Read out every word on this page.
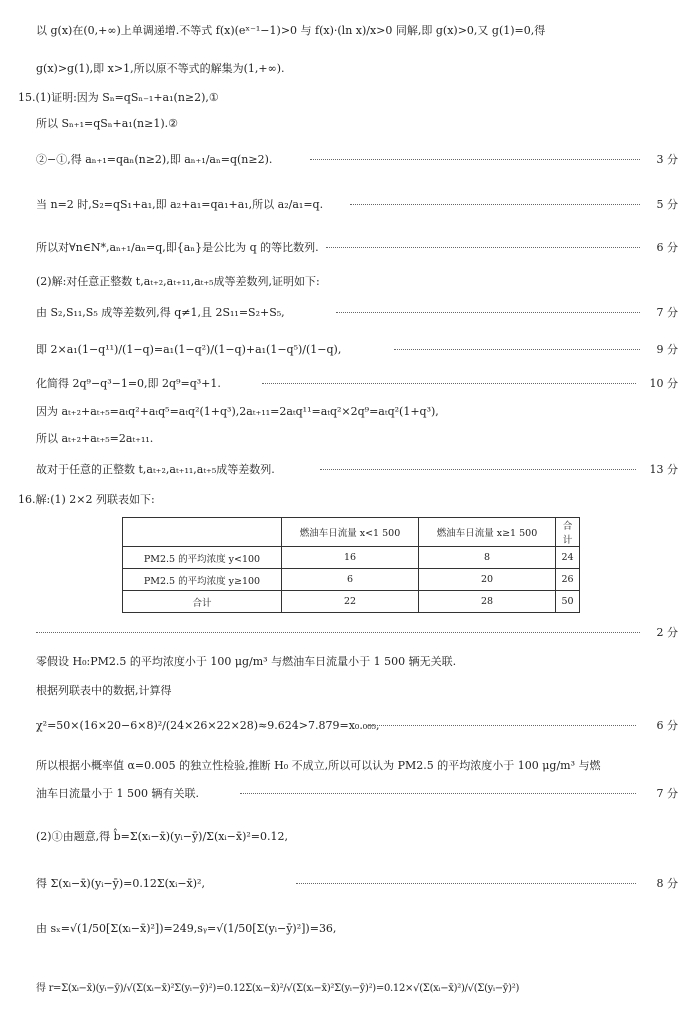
以 g(x)在(0,+∞)上单调递增.不等式 f(x)(eˣ⁻¹−1)>0 与 f(x)·(ln x)/x>0 同解,即 g(x)>0,又 g(1)=0,得
g(x)>g(1),即 x>1,所以原不等式的解集为(1,+∞).
15.(1)证明:因为 Sₙ=qSₙ₋₁+a₁(n≥2),①
所以 Sₙ₊₁=qSₙ+a₁(n≥1).②
②−①,得 aₙ₊₁=qaₙ(n≥2),即 aₙ₊₁/aₙ=q(n≥2).	3 分
当 n=2 时,S₂=qS₁+a₁,即 a₂+a₁=qa₁+a₁,所以 a₂/a₁=q.	5 分
所以对∀n∈N*,aₙ₊₁/aₙ=q,即{aₙ}是公比为 q 的等比数列.	6 分
(2)解:对任意正整数 t,aₜ₊₂,aₜ₊₁₁,aₜ₊₅成等差数列,证明如下:
由 S₂,S₁₁,S₅ 成等差数列,得 q≠1,且 2S₁₁=S₂+S₅,	7 分
即 2×a₁(1−q¹¹)/(1−q)=a₁(1−q²)/(1−q)+a₁(1−q⁵)/(1−q),	9 分
化简得 2q⁹−q³−1=0,即 2q⁹=q³+1.	10 分
因为 aₜ₊₂+aₜ₊₅=aₜq²+aₜq⁵=aₜq²(1+q³),2aₜ₊₁₁=2aₜq¹¹=aₜq²×2q⁹=aₜq²(1+q³),
所以 aₜ₊₂+aₜ₊₅=2aₜ₊₁₁.
故对于任意的正整数 t,aₜ₊₂,aₜ₊₁₁,aₜ₊₅成等差数列.	13 分
16.解:(1) 2×2 列联表如下:
	燃油车日流量 x<1 500	燃油车日流量 x≥1 500	合计
PM2.5 的平均浓度 y<100	16	8	24
PM2.5 的平均浓度 y≥100	6	20	26
合计	22	28	50
2 分
零假设 H₀:PM2.5 的平均浓度小于 100 μg/m³ 与燃油车日流量小于 1 500 辆无关联.
根据列联表中的数据,计算得
χ²=50×(16×20−6×8)²/(24×26×22×28)≈9.624>7.879=x₀.₀₀₅,	6 分
所以根据小概率值 α=0.005 的独立性检验,推断 H₀ 不成立,所以可以认为 PM2.5 的平均浓度小于 100 μg/m³ 与燃
油车日流量小于 1 500 辆有关联.	7 分
(2)①由题意,得 b̂=Σ(xᵢ−x̄)(yᵢ−ȳ)/Σ(xᵢ−x̄)²=0.12,
得 Σ(xᵢ−x̄)(yᵢ−ȳ)=0.12Σ(xᵢ−x̄)²,	8 分
由 sₓ=√(1/50[Σ(xᵢ−x̄)²])=249,sᵧ=√(1/50[Σ(yᵢ−ȳ)²])=36,
得 r=Σ(xᵢ−x̄)(yᵢ−ȳ)/√(Σ(xᵢ−x̄)²Σ(yᵢ−ȳ)²)=0.12Σ(xᵢ−x̄)²/√(Σ(xᵢ−x̄)²Σ(yᵢ−ȳ)²)=0.12×√(Σ(xᵢ−x̄)²)/√(Σ(yᵢ−ȳ)²)
